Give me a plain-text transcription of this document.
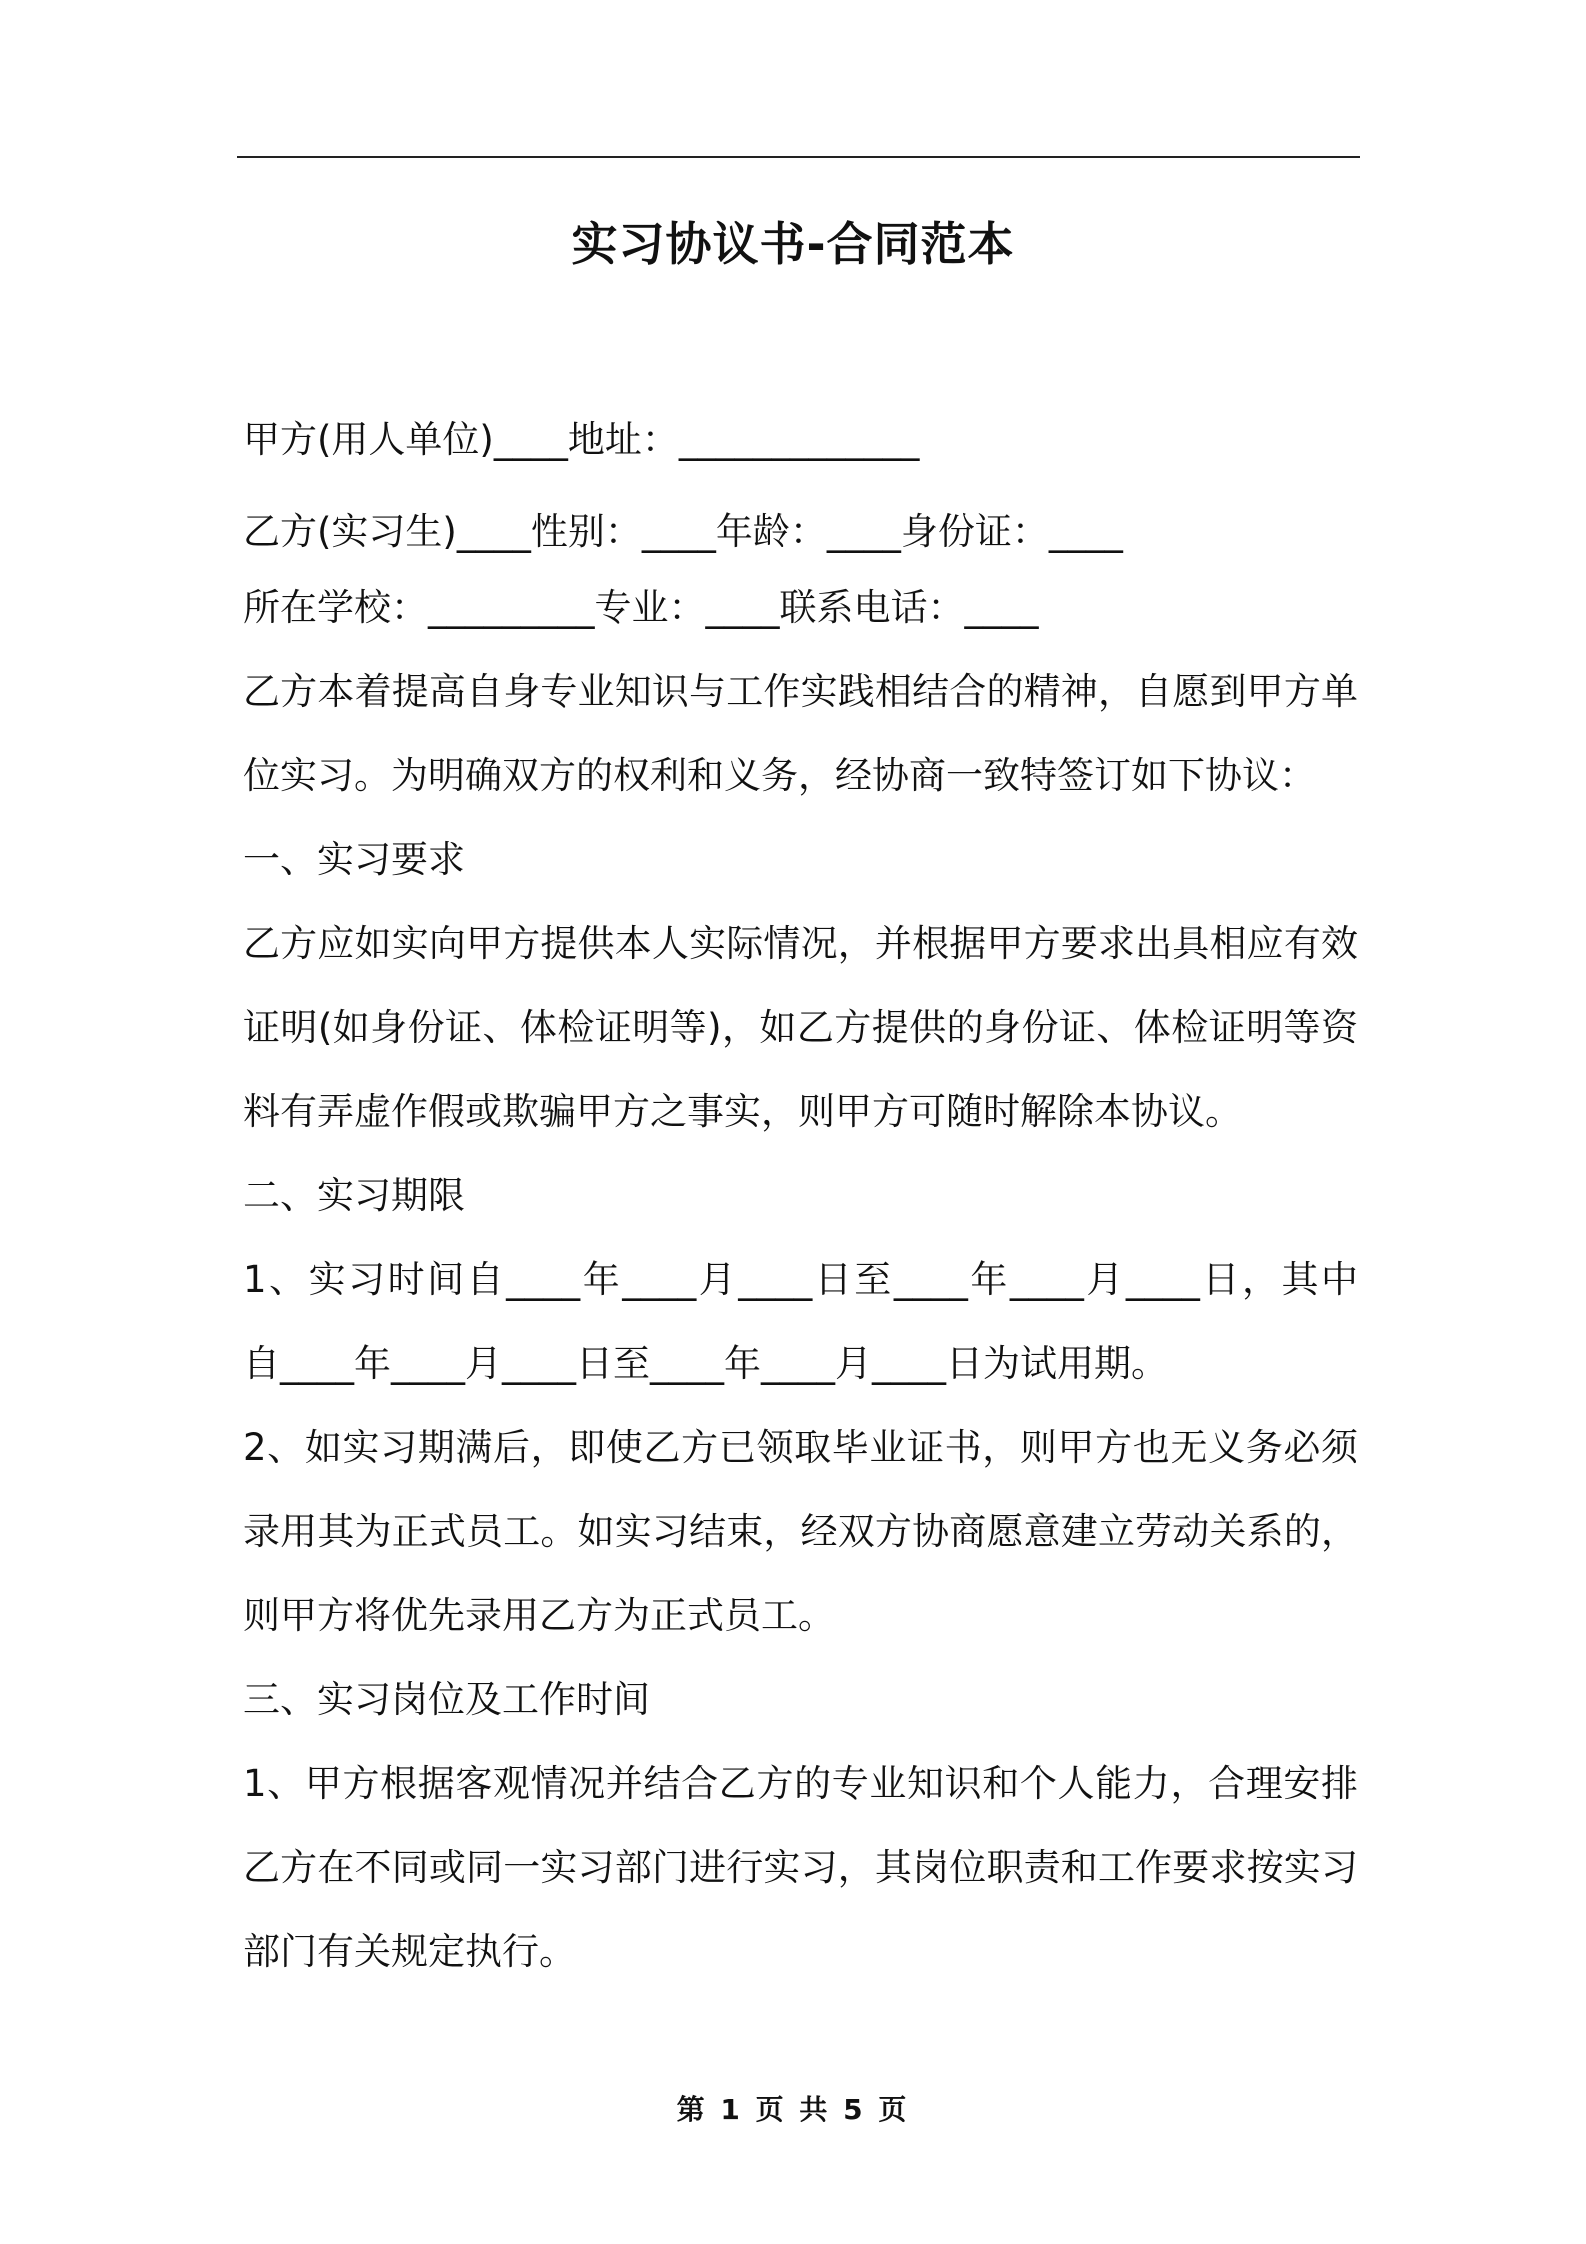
实习协议书-合同范本
甲方(用人单位)____地址：_____________
乙方(实习生)____性别：____年龄：____身份证：____
所在学校：_________专业：____联系电话：____
乙方本着提高自身专业知识与工作实践相结合的精神，自愿到甲方单
位实习。为明确双方的权利和义务，经协商一致特签订如下协议：
一、实习要求
乙方应如实向甲方提供本人实际情况，并根据甲方要求出具相应有效
证明(如身份证、体检证明等)，如乙方提供的身份证、体检证明等资
料有弄虚作假或欺骗甲方之事实，则甲方可随时解除本协议。
二、实习期限
1、实习时间自____年____月____日至____年____月____日，其中
自____年____月____日至____年____月____日为试用期。
2、如实习期满后，即使乙方已领取毕业证书，则甲方也无义务必须
录用其为正式员工。如实习结束，经双方协商愿意建立劳动关系的，
则甲方将优先录用乙方为正式员工。
三、实习岗位及工作时间
1、甲方根据客观情况并结合乙方的专业知识和个人能力，合理安排
乙方在不同或同一实习部门进行实习，其岗位职责和工作要求按实习
部门有关规定执行。
第 1 页 共 5 页
